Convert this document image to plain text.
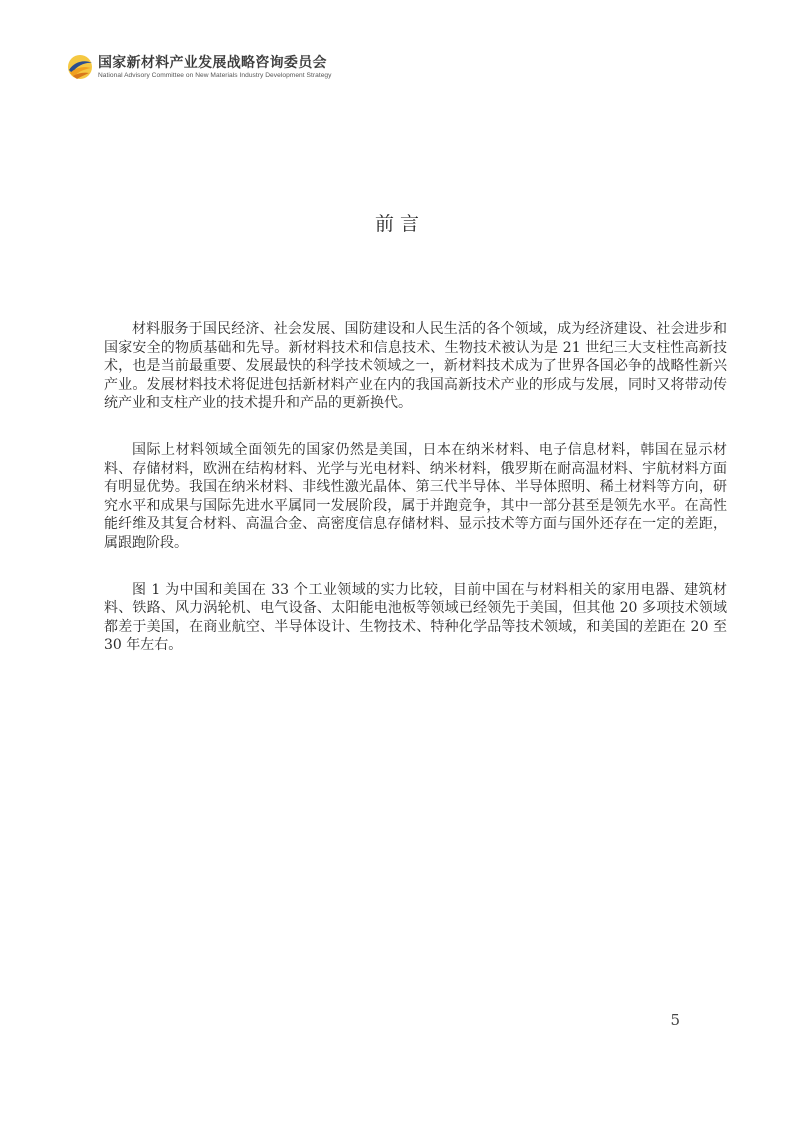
国家新材料产业发展战略咨询委员会
National Advisory Committee on New Materials Industry Development Strategy
前言

材料服务于国民经济、社会发展、国防建设和人民生活的各个领域，成为经济建设、社会进步和国家安全的物质基础和先导。新材料技术和信息技术、生物技术被认为是 21 世纪三大支柱性高新技术，也是当前最重要、发展最快的科学技术领域之一，新材料技术成为了世界各国必争的战略性新兴产业。发展材料技术将促进包括新材料产业在内的我国高新技术产业的形成与发展，同时又将带动传统产业和支柱产业的技术提升和产品的更新换代。

国际上材料领域全面领先的国家仍然是美国，日本在纳米材料、电子信息材料，韩国在显示材料、存储材料，欧洲在结构材料、光学与光电材料、纳米材料，俄罗斯在耐高温材料、宇航材料方面有明显优势。我国在纳米材料、非线性激光晶体、第三代半导体、半导体照明、稀土材料等方向，研究水平和成果与国际先进水平属同一发展阶段，属于并跑竞争，其中一部分甚至是领先水平。在高性能纤维及其复合材料、高温合金、高密度信息存储材料、显示技术等方面与国外还存在一定的差距，属跟跑阶段。

图 1 为中国和美国在 33 个工业领域的实力比较，目前中国在与材料相关的家用电器、建筑材料、铁路、风力涡轮机、电气设备、太阳能电池板等领域已经领先于美国，但其他 20 多项技术领域都差于美国，在商业航空、半导体设计、生物技术、特种化学品等技术领域，和美国的差距在 20 至 30 年左右。

5
